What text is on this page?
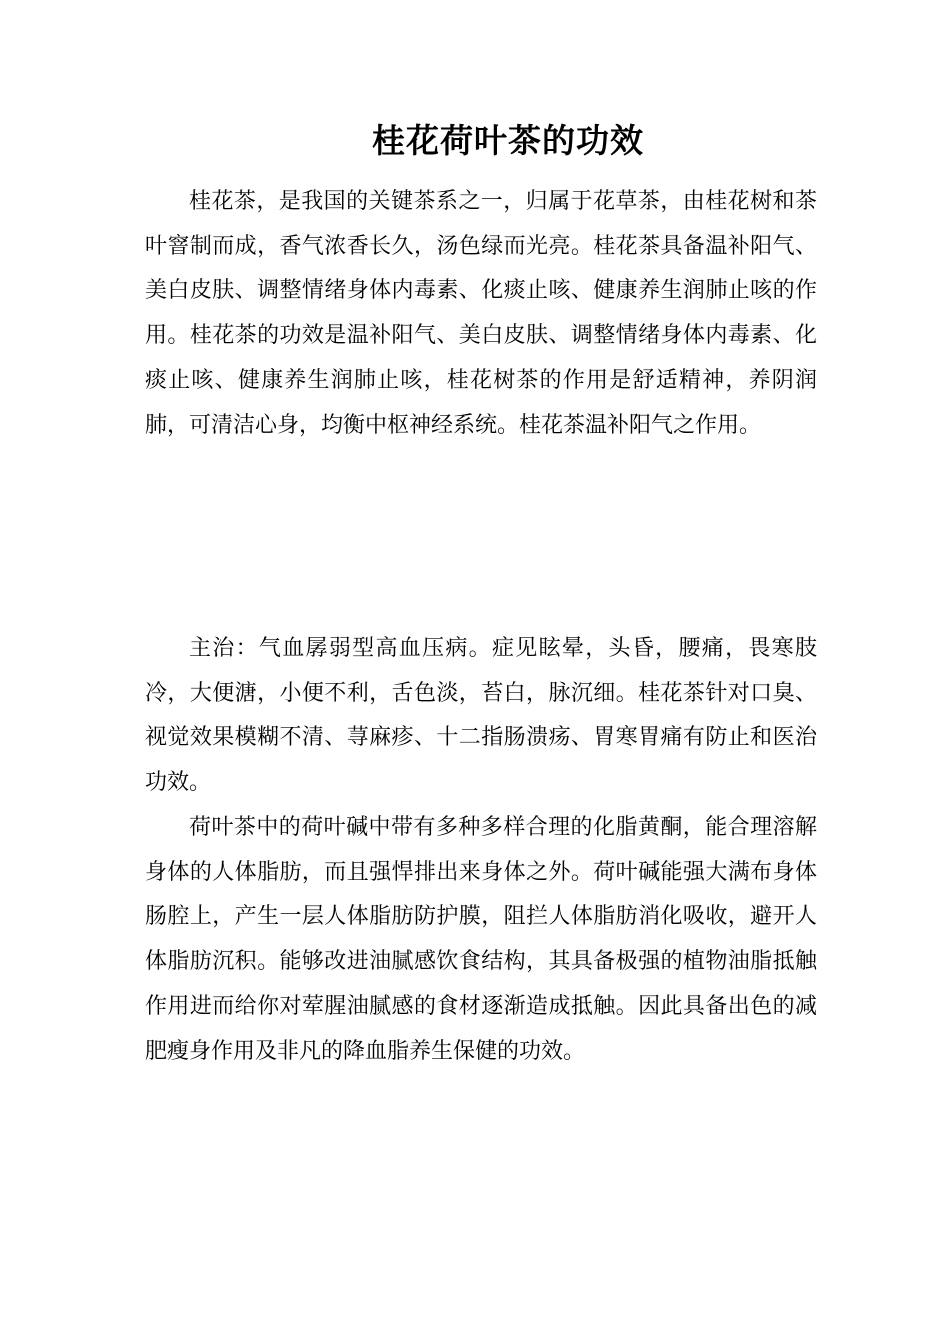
桂花荷叶茶的功效

桂花茶，是我国的关键茶系之一，归属于花草茶，由桂花树和茶叶窨制而成，香气浓香长久，汤色绿而光亮。桂花茶具备温补阳气、美白皮肤、调整情绪身体内毒素、化痰止咳、健康养生润肺止咳的作用。桂花茶的功效是温补阳气、美白皮肤、调整情绪身体内毒素、化痰止咳、健康养生润肺止咳，桂花树茶的作用是舒适精神，养阴润肺，可清洁心身，均衡中枢神经系统。桂花茶温补阳气之作用。

主治：气血孱弱型高血压病。症见眩晕，头昏，腰痛，畏寒肢冷，大便溏，小便不利，舌色淡，苔白，脉沉细。桂花茶针对口臭、视觉效果模糊不清、荨麻疹、十二指肠溃疡、胃寒胃痛有防止和医治功效。

荷叶茶中的荷叶碱中带有多种多样合理的化脂黄酮，能合理溶解身体的人体脂肪，而且强悍排出来身体之外。荷叶碱能强大满布身体肠腔上，产生一层人体脂肪防护膜，阻拦人体脂肪消化吸收，避开人体脂肪沉积。能够改进油腻感饮食结构，其具备极强的植物油脂抵触作用进而给你对荤腥油腻感的食材逐渐造成抵触。因此具备出色的减肥瘦身作用及非凡的降血脂养生保健的功效。
